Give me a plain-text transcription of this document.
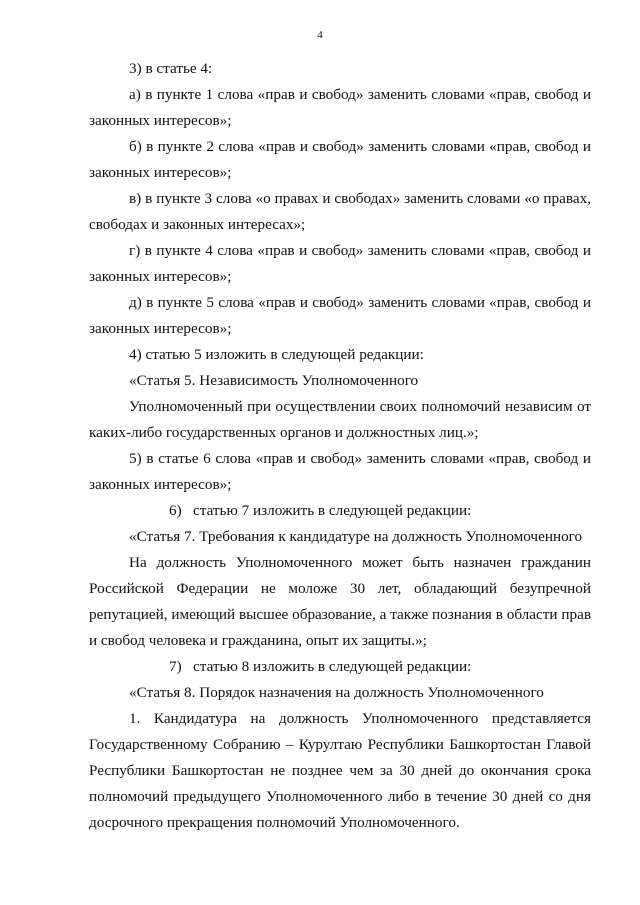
4

3) в статье 4:

а) в пункте 1 слова «прав и свобод» заменить словами «прав, свобод и законных интересов»;

б) в пункте 2 слова «прав и свобод» заменить словами «прав, свобод и законных интересов»;

в) в пункте 3 слова «о правах и свободах» заменить словами «о правах, свободах и законных интересах»;

г) в пункте 4 слова «прав и свобод» заменить словами «прав, свобод и законных интересов»;

д) в пункте 5 слова «прав и свобод» заменить словами «прав, свобод и законных интересов»;

4) статью 5 изложить в следующей редакции:

«Статья 5. Независимость Уполномоченного

Уполномоченный при осуществлении своих полномочий независим от каких-либо государственных органов и должностных лиц.»;

5) в статье 6 слова «прав и свобод» заменить словами «прав, свобод и законных интересов»;

6) статью 7 изложить в следующей редакции:

«Статья 7. Требования к кандидатуре на должность Уполномоченного

На должность Уполномоченного может быть назначен гражданин Российской Федерации не моложе 30 лет, обладающий безупречной репутацией, имеющий высшее образование, а также познания в области прав и свобод человека и гражданина, опыт их защиты.»;

7) статью 8 изложить в следующей редакции:

«Статья 8. Порядок назначения на должность Уполномоченного

1. Кандидатура на должность Уполномоченного представляется Государственному Собранию – Курултаю Республики Башкортостан Главой Республики Башкортостан не позднее чем за 30 дней до окончания срока полномочий предыдущего Уполномоченного либо в течение 30 дней со дня досрочного прекращения полномочий Уполномоченного.
